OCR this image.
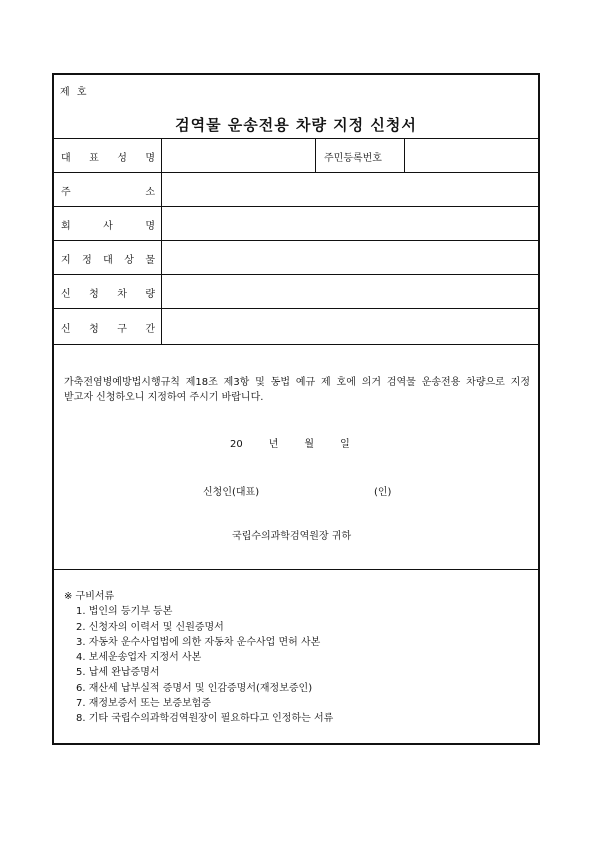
제 호
검역물 운송전용 차량 지정 신청서
대 표 성 명	주민등록번호
주	소
회	사	명
지 정 대 상 물
신 청 차 량
신 청 구 간
가축전염병예방법시행규칙 제18조 제3항 및 동법 예규 제 호에 의거 검역물 운송전용 차량으로 지정 받고자 신청하오니 지정하여 주시기 바랍니다.
20	년	월	일
신청인(대표)	(인)
국립수의과학검역원장 귀하
※ 구비서류
1. 법인의 등기부 등본
2. 신청자의 이력서 및 신원증명서
3. 자동차 운수사업법에 의한 자동차 운수사업 면허 사본
4. 보세운송업자 지정서 사본
5. 납세 완납증명서
6. 재산세 납부실적 증명서 및 인감증명서(재정보증인)
7. 재정보증서 또는 보증보험증
8. 기타 국립수의과학검역원장이 필요하다고 인정하는 서류
